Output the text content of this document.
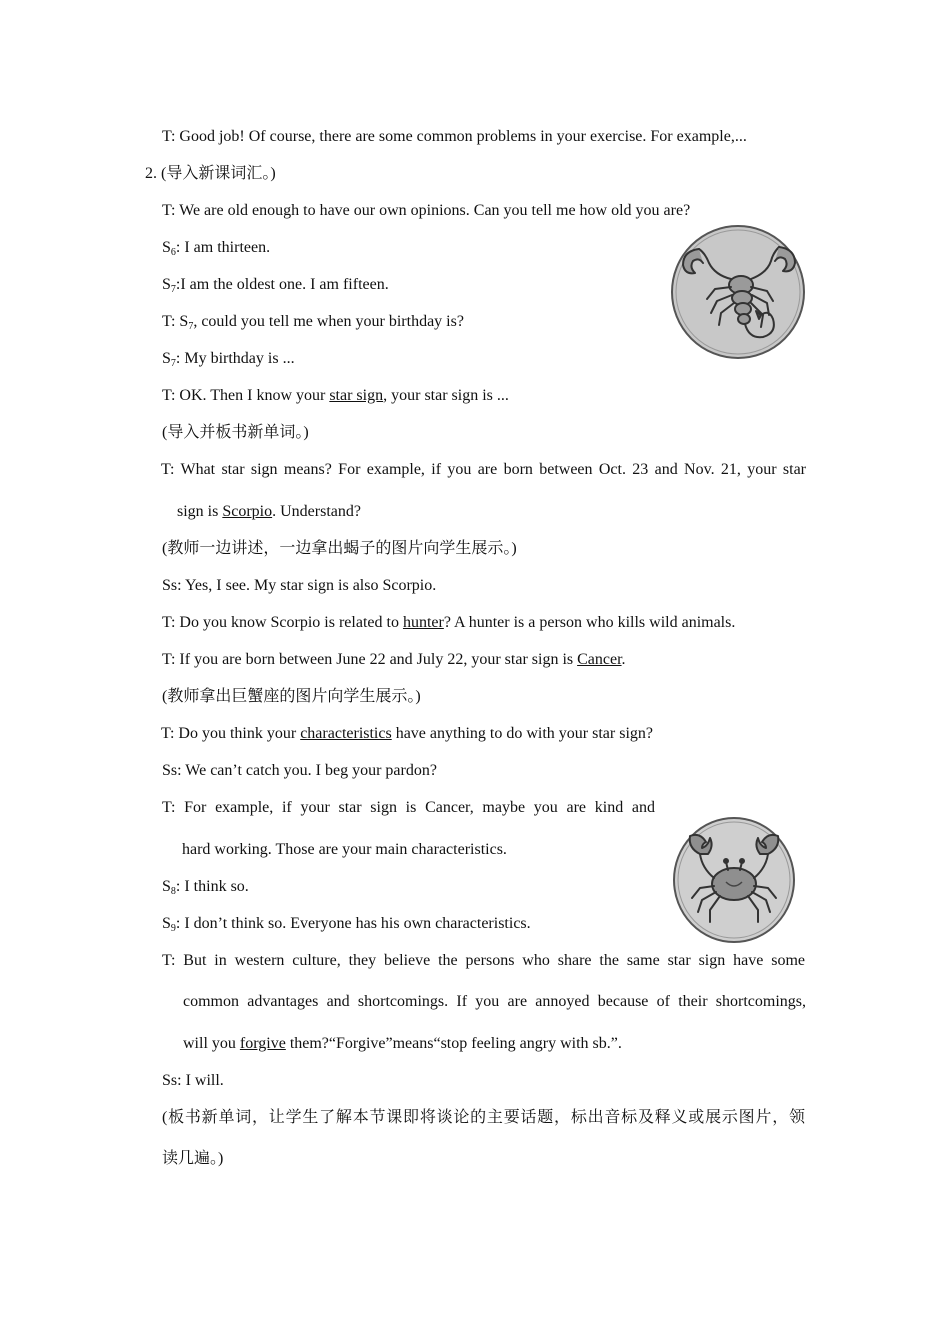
T: Good job! Of course, there are some common problems in your exercise. For example,...
2. (导入新课词汇。)
T: We are old enough to have our own opinions. Can you tell me how old you are?
$S_6$: I am thirteen.
$S_7:I$ am the oldest one. I am fifteen.
T: $S_7$, could you tell me when your birthday is?
$S_7$: My birthday is ...
T: OK. Then I know your star sign, your star sign is ...
(导入并板书新单词。)
T: What star sign means? For example, if you are born between Oct. 23 and Nov. 21, your star
sign is Scorpio. Understand?
(教师一边讲述，一边拿出蝎子的图片向学生展示。)
Ss: Yes, I see. My star sign is also Scorpio.
T: Do you know Scorpio is related to hunter? A hunter is a person who kills wild animals.
T: If you are born between June 22 and July 22, your star sign is Cancer.
(教师拿出巨蟹座的图片向学生展示。)
T: Do you think your characteristics have anything to do with your star sign?
Ss: We can’t catch you. I beg your pardon?
T: For example, if your star sign is Cancer, maybe you are kind and
hard working. Those are your main characteristics.
$S_8$: I think so.
$S_9$: I don’t think so. Everyone has his own characteristics.
T: But in western culture, they believe the persons who share the same star sign have some
common advantages and shortcomings. If you are annoyed because of their shortcomings,
will you forgive them?“Forgive”means“stop feeling angry with sb.”.
Ss: I will.
(板书新单词，让学生了解本节课即将谈论的主要话题，标出音标及释义或展示图片，领
读几遍。)
